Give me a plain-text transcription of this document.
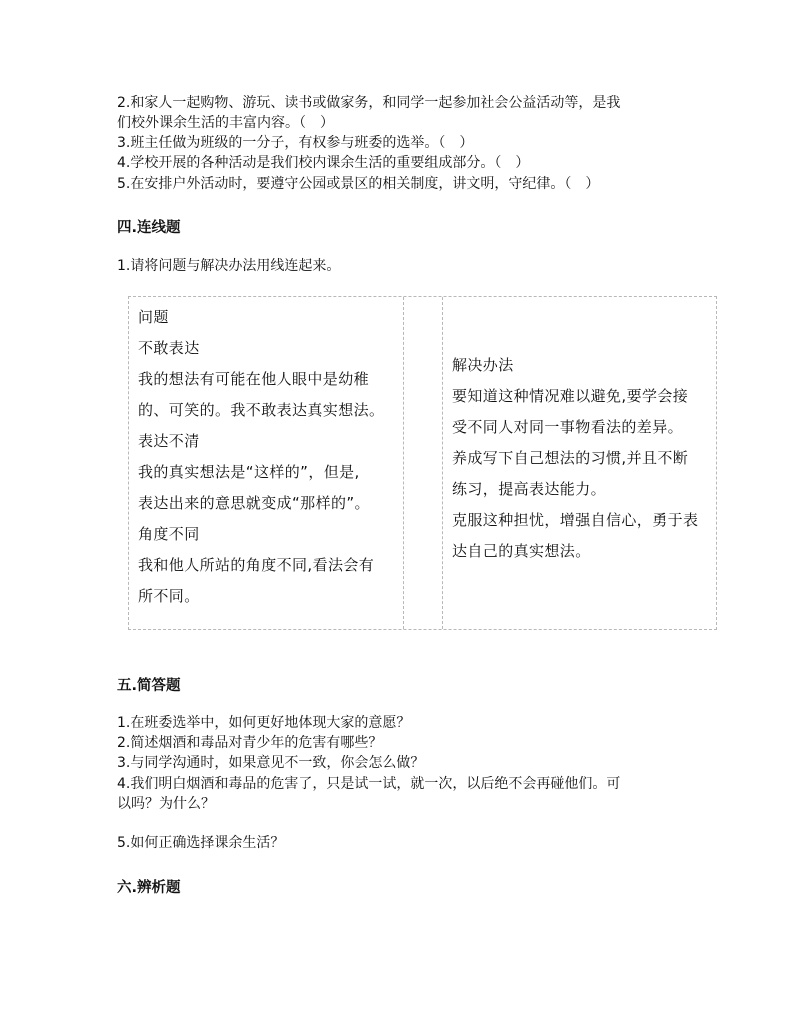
2.和家人一起购物、游玩、读书或做家务，和同学一起参加社会公益活动等，是我
们校外课余生活的丰富内容。（　）
3.班主任做为班级的一分子，有权参与班委的选举。（　）
4.学校开展的各种活动是我们校内课余生活的重要组成部分。（　）
5.在安排户外活动时，要遵守公园或景区的相关制度，讲文明，守纪律。（　）
四.连线题
1.请将问题与解决办法用线连起来。
问题
不敢表达
我的想法有可能在他人眼中是幼稚
的、可笑的。我不敢表达真实想法。
表达不清
我的真实想法是“这样的”，但是,
表达出来的意思就变成“那样的”。
角度不同
我和他人所站的角度不同,看法会有
所不同。
解决办法
要知道这种情况难以避免,要学会接
受不同人对同一事物看法的差异。
养成写下自己想法的习惯,并且不断
练习，提高表达能力。
克服这种担忧，增强自信心，勇于表
达自己的真实想法。
五.简答题
1.在班委选举中，如何更好地体现大家的意愿？
2.简述烟酒和毒品对青少年的危害有哪些？
3.与同学沟通时，如果意见不一致，你会怎么做？
4.我们明白烟酒和毒品的危害了，只是试一试，就一次，以后绝不会再碰他们。可
以吗？为什么？
5.如何正确选择课余生活？
六.辨析题
